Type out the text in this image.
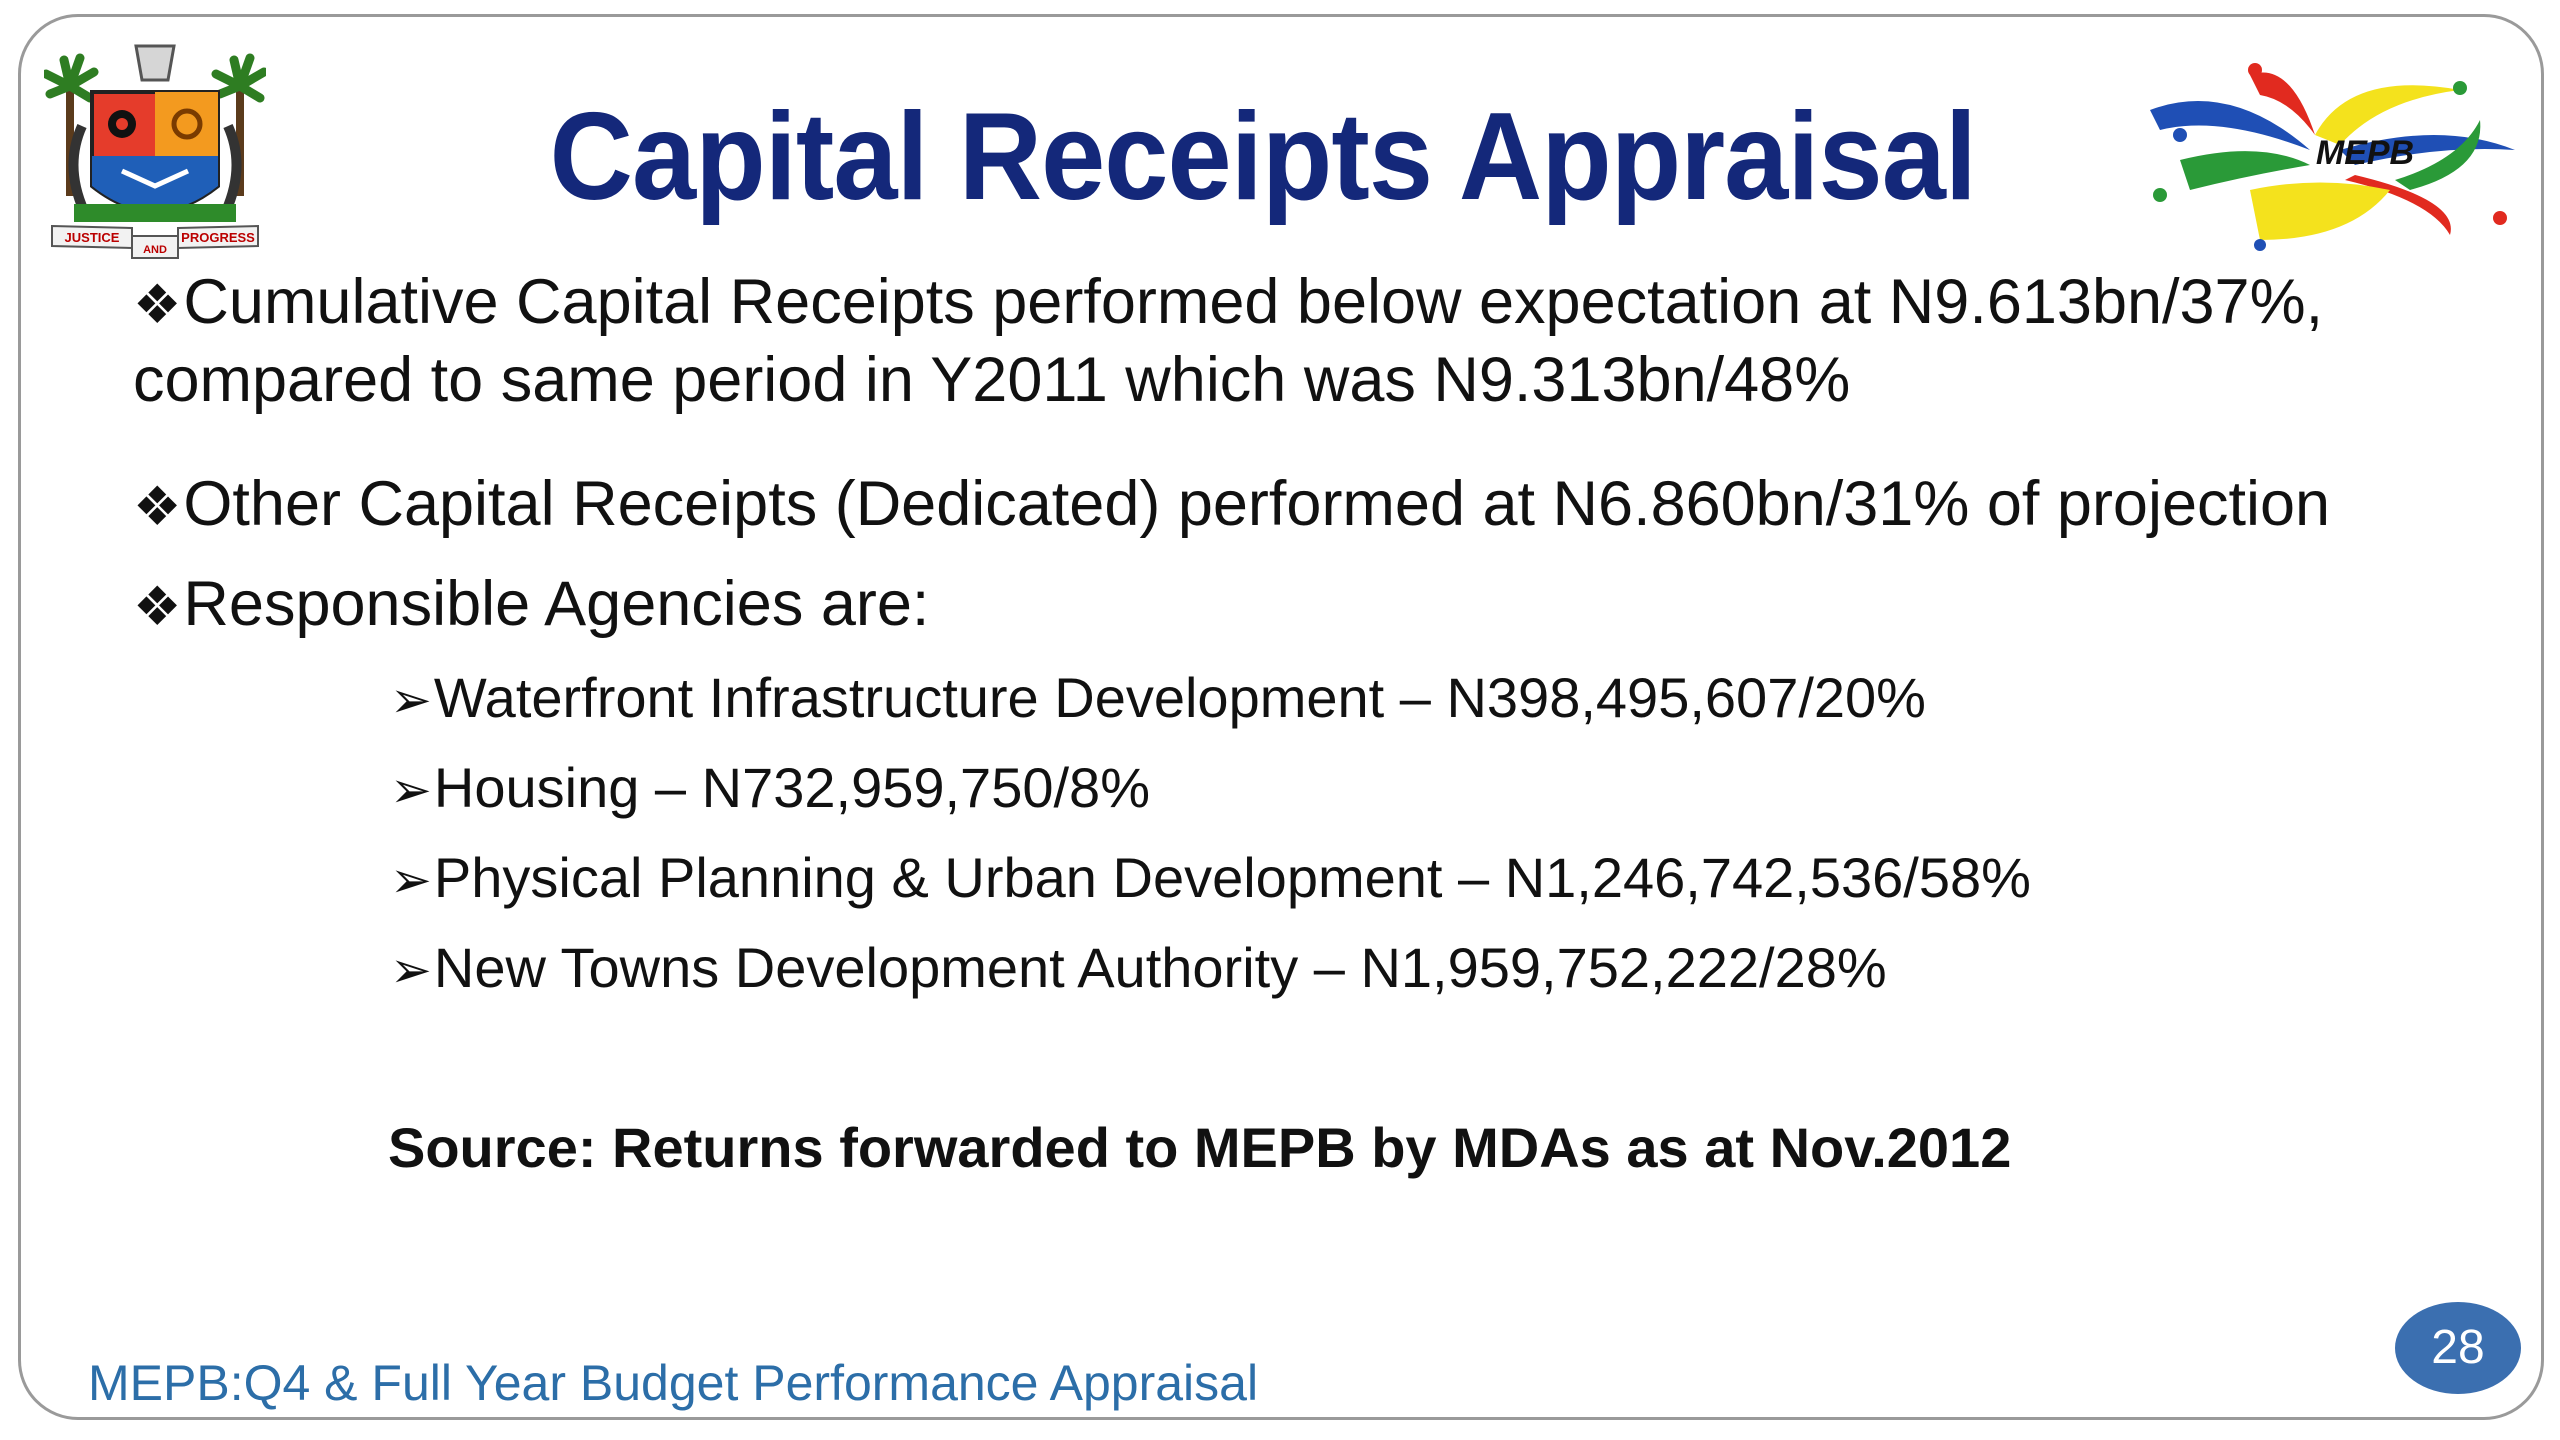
JUSTICE
AND
PROGRESS
MEPB
Capital Receipts Appraisal
❖Cumulative Capital Receipts performed below expectation at N9.613bn/37%,
compared to same period in Y2011 which was N9.313bn/48%
❖Other Capital Receipts (Dedicated) performed at N6.860bn/31% of projection
❖Responsible Agencies are:
➢Waterfront Infrastructure Development – N398,495,607/20%
➢Housing – N732,959,750/8%
➢Physical Planning & Urban Development – N1,246,742,536/58%
➢New Towns Development Authority – N1,959,752,222/28%
Source: Returns forwarded to MEPB by MDAs as at Nov.2012
MEPB:Q4 & Full Year Budget Performance Appraisal
28
